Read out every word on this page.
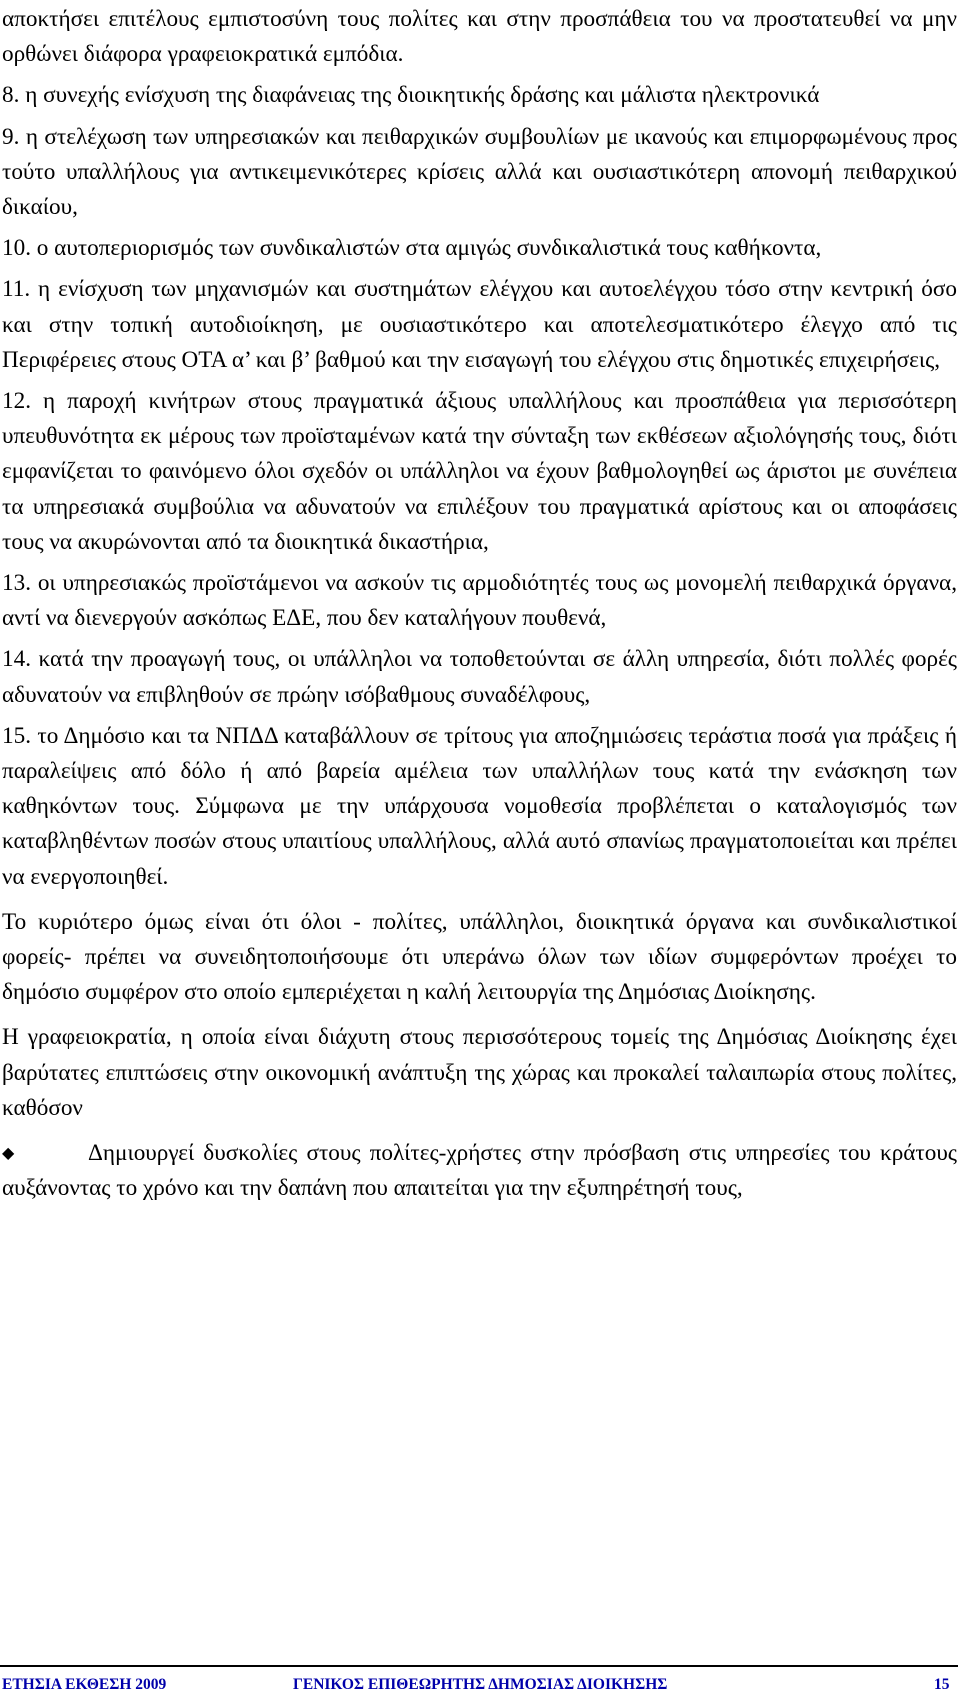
αποκτήσει επιτέλους εμπιστοσύνη τους πολίτες και στην προσπάθεια του να προστατευθεί να μην ορθώνει διάφορα γραφειοκρατικά εμπόδια.

8. η συνεχής ενίσχυση της διαφάνειας της διοικητικής δράσης και μάλιστα ηλεκτρονικά

9. η στελέχωση των υπηρεσιακών και πειθαρχικών συμβουλίων με ικανούς και επιμορφωμένους προς τούτο υπαλλήλους για αντικειμενικότερες κρίσεις αλλά και ουσιαστικότερη απονομή πειθαρχικού δικαίου,

10. ο αυτοπεριορισμός των συνδικαλιστών στα αμιγώς συνδικαλιστικά τους καθήκοντα,

11. η ενίσχυση των μηχανισμών και συστημάτων ελέγχου και αυτοελέγχου τόσο στην κεντρική όσο και στην τοπική αυτοδιοίκηση, με ουσιαστικότερο και αποτελεσματικότερο έλεγχο από τις Περιφέρειες στους ΟΤΑ α’ και β’ βαθμού και την εισαγωγή του ελέγχου στις δημοτικές επιχειρήσεις,

12. η παροχή κινήτρων στους πραγματικά άξιους υπαλλήλους και προσπάθεια για περισσότερη υπευθυνότητα εκ μέρους των προϊσταμένων κατά την σύνταξη των εκθέσεων αξιολόγησής τους, διότι εμφανίζεται το φαινόμενο όλοι σχεδόν οι υπάλληλοι να έχουν βαθμολογηθεί ως άριστοι με συνέπεια τα υπηρεσιακά συμβούλια να αδυνατούν να επιλέξουν του πραγματικά αρίστους και οι αποφάσεις τους να ακυρώνονται από τα διοικητικά δικαστήρια,

13. οι υπηρεσιακώς προϊστάμενοι να ασκούν τις αρμοδιότητές τους ως μονομελή πειθαρχικά όργανα, αντί να διενεργούν ασκόπως ΕΔΕ, που δεν καταλήγουν πουθενά,

14. κατά την προαγωγή τους, οι υπάλληλοι να τοποθετούνται σε άλλη υπηρεσία, διότι πολλές φορές αδυνατούν να επιβληθούν σε πρώην ισόβαθμους συναδέλφους,

15. το Δημόσιο και τα ΝΠΔΔ καταβάλλουν σε τρίτους για αποζημιώσεις τεράστια ποσά για πράξεις ή παραλείψεις από δόλο ή από βαρεία αμέλεια των υπαλλήλων τους κατά την ενάσκηση των καθηκόντων τους. Σύμφωνα με την υπάρχουσα νομοθεσία προβλέπεται ο καταλογισμός των καταβληθέντων ποσών στους υπαιτίους υπαλλήλους, αλλά αυτό σπανίως πραγματοποιείται και πρέπει να ενεργοποιηθεί.

Το κυριότερο όμως είναι ότι όλοι - πολίτες, υπάλληλοι, διοικητικά όργανα και συνδικαλιστικοί φορείς- πρέπει να συνειδητοποιήσουμε ότι υπεράνω όλων των ιδίων συμφερόντων προέχει το δημόσιο συμφέρον στο οποίο εμπεριέχεται η καλή λειτουργία της Δημόσιας Διοίκησης.

Η γραφειοκρατία, η οποία είναι διάχυτη στους περισσότερους τομείς της Δημόσιας Διοίκησης έχει βαρύτατες επιπτώσεις στην οικονομική ανάπτυξη της χώρας και προκαλεί ταλαιπωρία στους πολίτες, καθόσον

◆	Δημιουργεί δυσκολίες στους πολίτες-χρήστες στην πρόσβαση στις υπηρεσίες του κράτους αυξάνοντας το χρόνο και την δαπάνη που απαιτείται για την εξυπηρέτησή τους,

ΕΤΗΣΙΑ ΕΚΘΕΣΗ 2009	ΓΕΝΙΚΟΣ ΕΠΙΘΕΩΡΗΤΗΣ ΔΗΜΟΣΙΑΣ ΔΙΟΙΚΗΣΗΣ	15
